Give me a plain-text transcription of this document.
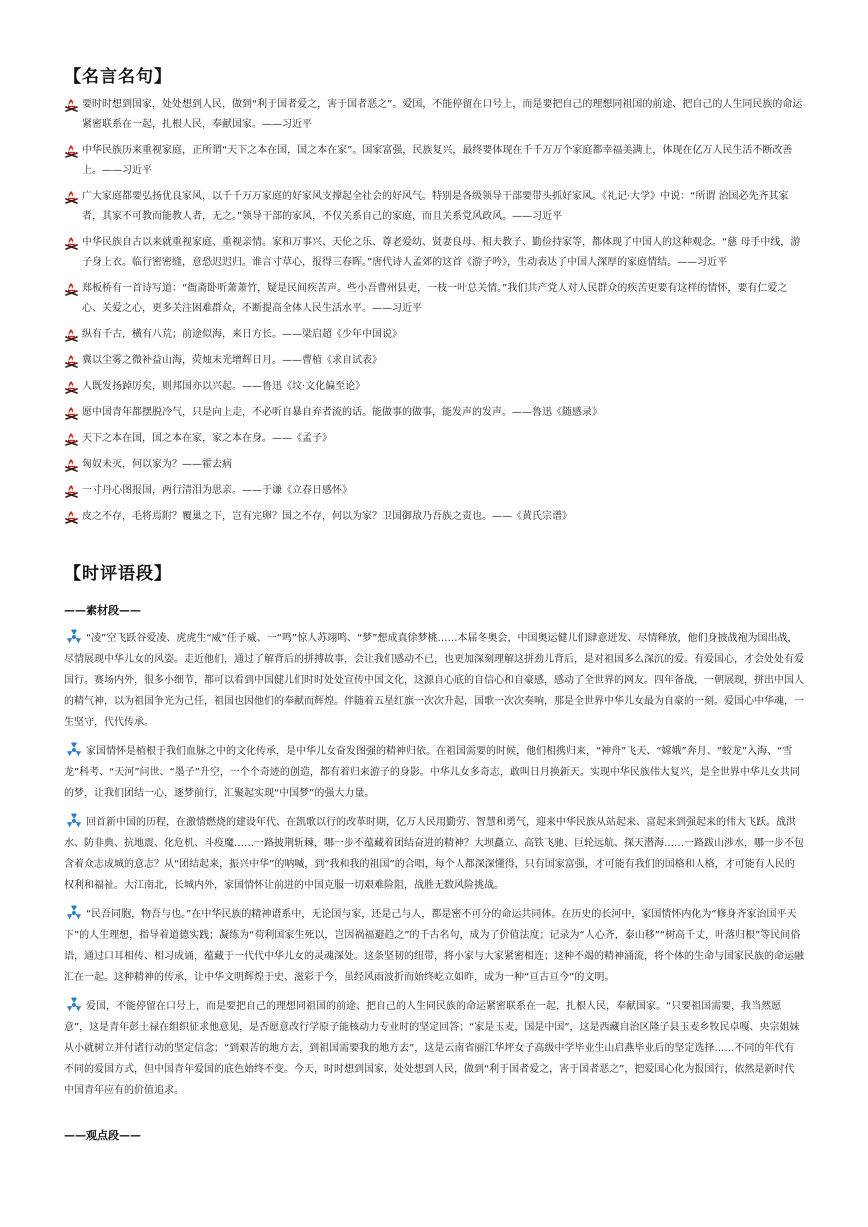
【名言名句】
要时时想到国家，处处想到人民，做到“利于国者爱之，害于国者恶之”。爱国，不能停留在口号上，而是要把自己的理想同祖国的前途、把自己的人生同民族的命运紧密联系在一起，扎根人民，奉献国家。——习近平
中华民族历来重视家庭，正所谓“天下之本在国，国之本在家”。国家富强，民族复兴，最终要体现在千千万万个家庭都幸福美满上，体现在亿万人民生活不断改善上。——习近平
广大家庭都要弘扬优良家风，以千千万万家庭的好家风支撑起全社会的好风气。特别是各级领导干部要带头抓好家风。《礼记·大学》中说：“所谓 治国必先齐其家者，其家不可教而能教人者，无之。”领导干部的家风，不仅关系自己的家庭，而且关系党风政风。——习近平
中华民族自古以来就重视家庭、重视亲情。家和万事兴、天伦之乐、尊老爱幼、贤妻良母、相夫教子、勤俭持家等，都体现了中国人的这种观念。“慈 母手中线，游子身上衣。临行密密缝，意恐迟迟归。谁言寸草心，报得三春晖。”唐代诗人孟郊的这首《游子吟》，生动表达了中国人深厚的家庭情结。——习近平
郑板桥有一首诗写道：“衙斋卧听萧萧竹，疑是民间疾苦声。些小吾曹州县吏，一枝一叶总关情。”我们共产党人对人民群众的疾苦更要有这样的情怀，要有仁爱之心、关爱之心，更多关注困难群众，不断提高全体人民生活水平。——习近平
纵有千古，横有八荒；前途似海，来日方长。——梁启超《少年中国说》
冀以尘雾之微补益山海，荧烛末光增辉日月。——曹植《求自试表》
人既发扬踔厉矣，则邦国亦以兴起。——鲁迅《坟·文化偏至论》
愿中国青年都摆脱冷气，只是向上走，不必听自暴自弃者流的话。能做事的做事，能发声的发声。——鲁迅《随感录》
天下之本在国，国之本在家，家之本在身。——《孟子》
匈奴未灭，何以家为？——霍去病
一寸丹心图报国，两行清泪为思亲。——于谦《立春日感怀》
皮之不存，毛将焉附？覆巢之下，岂有完卵？国之不存，何以为家？卫国御敌乃吾族之责也。——《黄氏宗谱》
【时评语段】
——素材段——
“凌”空飞跃谷爱凌、虎虎生“威”任子威、一“鸣”惊人苏翊鸣、“梦”想成真徐梦桃……本届冬奥会，中国奥运健儿们肆意迸发、尽情释放，他们身披战袍为国出战，尽情展现中华儿女的风姿。走近他们，通过了解背后的拼搏故事，会让我们感动不已，也更加深刻理解这拼劲儿背后，是对祖国多么深沉的爱。有爱国心，才会处处有爱国行。赛场内外，很多小细节，都可以看到中国健儿们时时处处宣传中国文化，这源自心底的自信心和自豪感，感动了全世界的网友。四年备战，一朝展现，拼出中国人的精气神，以为祖国争光为己任，祖国也因他们的奉献而辉煌。伴随着五星红旗一次次升起，国歌一次次奏响，那是全世界中华儿女最为自豪的一刻。爱国心中华魂，一生坚守，代代传承。
家国情怀是植根于我们血脉之中的文化传承，是中华儿女奋发图强的精神归依。在祖国需要的时候，他们相携归来，“神舟”飞天、“嫦娥”奔月、“蛟龙”入海、“雪龙”科考、“天河”问世、“墨子”升空，一个个奇迹的创造，都有着归来游子的身影。中华儿女多奇志，敢叫日月换新天。实现中华民族伟大复兴，是全世界中华儿女共同的梦，让我们团结一心，逐梦前行，汇聚起实现“中国梦”的强大力量。
回首新中国的历程，在激情燃烧的建设年代、在凯歌以行的改革时期，亿万人民用勤劳、智慧和勇气，迎来中华民族从站起来、富起来到强起来的伟大飞跃。战洪水、防非典、抗地震、化危机、斗疫魔……一路披荆斩棘，哪一步不蕴藏着团结奋进的精神？大坝矗立、高铁飞驰、巨轮远航、探天潜海……一路跋山涉水，哪一步不包含着众志成城的意志？从“团结起来，振兴中华”的呐喊，到“我和我的祖国”的合唱，每个人都深深懂得，只有国家富强，才可能有我们的国格和人格，才可能有人民的权利和福祉。大江南北，长城内外，家国情怀让前进的中国克服一切艰难险阻，战胜无数风险挑战。
“民吾同胞，物吾与也。”在中华民族的精神谱系中，无论国与家，还是己与人，都是密不可分的命运共同体。在历史的长河中，家国情怀内化为“修身齐家治国平天下”的人生理想，指导着道德实践；凝练为“苟利国家生死以，岂因祸福避趋之”的千古名句，成为了价值法度；记录为“人心齐，泰山移”“树高千丈，叶落归根”等民间俗语，通过口耳相传、相习成诵，蕴藏于一代代中华儿女的灵魂深处。这条坚韧的纽带，将小家与大家紧密相连；这种不竭的精神涌流，将个体的生命与国家民族的命运融汇在一起。这种精神的传承，让中华文明辉煌于史、滋彩于今，虽经风雨波折而始终屹立如昨，成为一种“亘古亘今”的文明。
爱国，不能停留在口号上，而是要把自己的理想同祖国的前途、把自己的人生同民族的命运紧密联系在一起，扎根人民，奉献国家。“只要祖国需要，我当然愿意”，这是青年彭士禄在组织征求他意见，是否愿意改行学原子能核动力专业时的坚定回答；“家是玉麦，国是中国”，这是西藏自治区隆子县玉麦乡牧民卓嘎、央宗姐妹从小就树立并付诸行动的坚定信念；“到艰苦的地方去，到祖国需要我的地方去”，这是云南省丽江华坪女子高级中学毕业生山启燕毕业后的坚定选择……不同的年代有不同的爱国方式，但中国青年爱国的底色始终不变。今天，时时想到国家，处处想到人民，做到“利于国者爱之，害于国者恶之”，把爱国心化为报国行，依然是新时代中国青年应有的价值追求。
——观点段——
